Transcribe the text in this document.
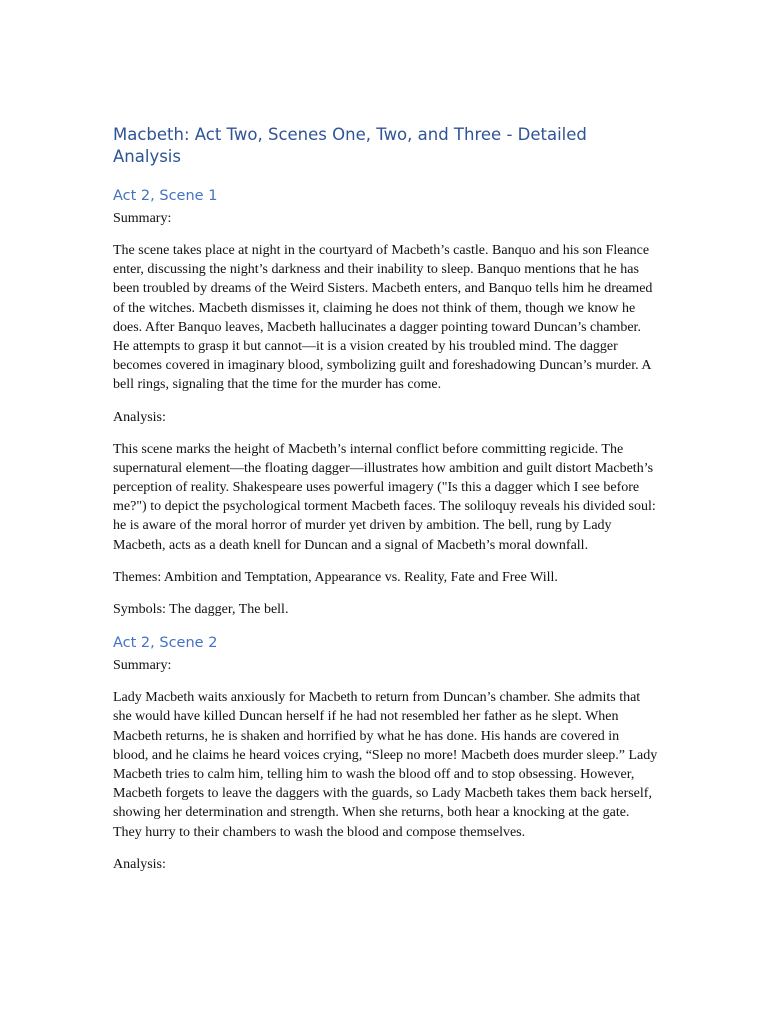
Macbeth: Act Two, Scenes One, Two, and Three - Detailed Analysis
Act 2, Scene 1

Summary:

The scene takes place at night in the courtyard of Macbeth’s castle. Banquo and his son Fleance enter, discussing the night’s darkness and their inability to sleep. Banquo mentions that he has been troubled by dreams of the Weird Sisters. Macbeth enters, and Banquo tells him he dreamed of the witches. Macbeth dismisses it, claiming he does not think of them, though we know he does. After Banquo leaves, Macbeth hallucinates a dagger pointing toward Duncan’s chamber. He attempts to grasp it but cannot—it is a vision created by his troubled mind. The dagger becomes covered in imaginary blood, symbolizing guilt and foreshadowing Duncan’s murder. A bell rings, signaling that the time for the murder has come.

Analysis:

This scene marks the height of Macbeth’s internal conflict before committing regicide. The supernatural element—the floating dagger—illustrates how ambition and guilt distort Macbeth’s perception of reality. Shakespeare uses powerful imagery ("Is this a dagger which I see before me?") to depict the psychological torment Macbeth faces. The soliloquy reveals his divided soul: he is aware of the moral horror of murder yet driven by ambition. The bell, rung by Lady Macbeth, acts as a death knell for Duncan and a signal of Macbeth’s moral downfall.

Themes: Ambition and Temptation, Appearance vs. Reality, Fate and Free Will.

Symbols: The dagger, The bell.

Act 2, Scene 2

Summary:

Lady Macbeth waits anxiously for Macbeth to return from Duncan’s chamber. She admits that she would have killed Duncan herself if he had not resembled her father as he slept. When Macbeth returns, he is shaken and horrified by what he has done. His hands are covered in blood, and he claims he heard voices crying, “Sleep no more! Macbeth does murder sleep.” Lady Macbeth tries to calm him, telling him to wash the blood off and to stop obsessing. However, Macbeth forgets to leave the daggers with the guards, so Lady Macbeth takes them back herself, showing her determination and strength. When she returns, both hear a knocking at the gate. They hurry to their chambers to wash the blood and compose themselves.

Analysis:
